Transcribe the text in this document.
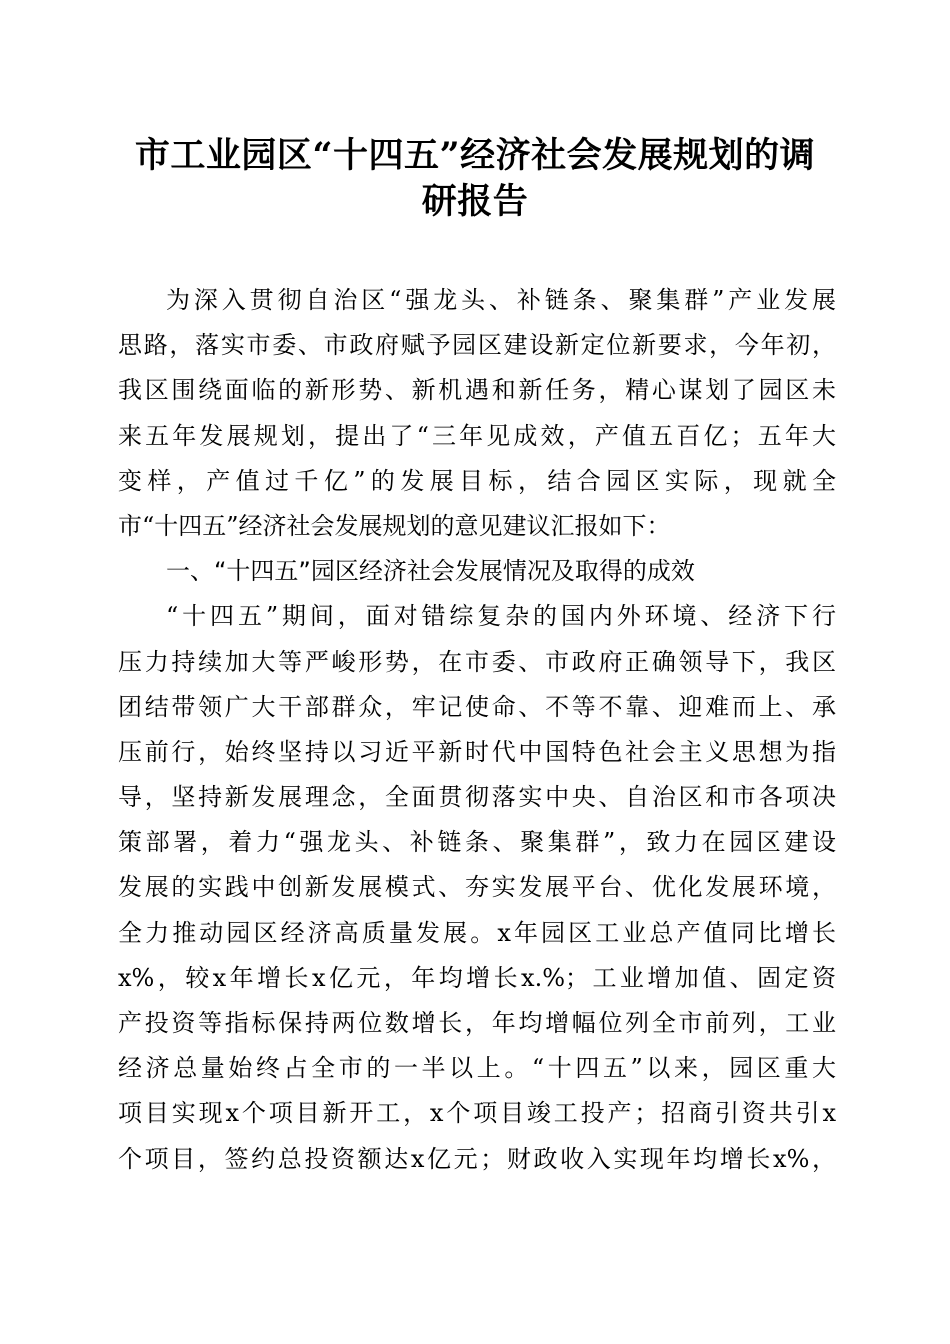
市工业园区“十四五”经济社会发展规划的调
研报告
为深入贯彻自治区“强龙头、补链条、聚集群”产业发展
思路，落实市委、市政府赋予园区建设新定位新要求，今年初，
我区围绕面临的新形势、新机遇和新任务，精心谋划了园区未
来五年发展规划，提出了“三年见成效，产值五百亿；五年大
变样，产值过千亿”的发展目标，结合园区实际，现就全
市“十四五”经济社会发展规划的意见建议汇报如下：
一、“十四五”园区经济社会发展情况及取得的成效
“十四五”期间，面对错综复杂的国内外环境、经济下行
压力持续加大等严峻形势，在市委、市政府正确领导下，我区
团结带领广大干部群众，牢记使命、不等不靠、迎难而上、承
压前行，始终坚持以习近平新时代中国特色社会主义思想为指
导，坚持新发展理念，全面贯彻落实中央、自治区和市各项决
策部署，着力“强龙头、补链条、聚集群”，致力在园区建设
发展的实践中创新发展模式、夯实发展平台、优化发展环境，
全力推动园区经济高质量发展。x年园区工业总产值同比增长
x%，较x年增长x亿元，年均增长x.%；工业增加值、固定资
产投资等指标保持两位数增长，年均增幅位列全市前列，工业
经济总量始终占全市的一半以上。“十四五”以来，园区重大
项目实现x个项目新开工，x个项目竣工投产；招商引资共引x
个项目，签约总投资额达x亿元；财政收入实现年均增长x%，
